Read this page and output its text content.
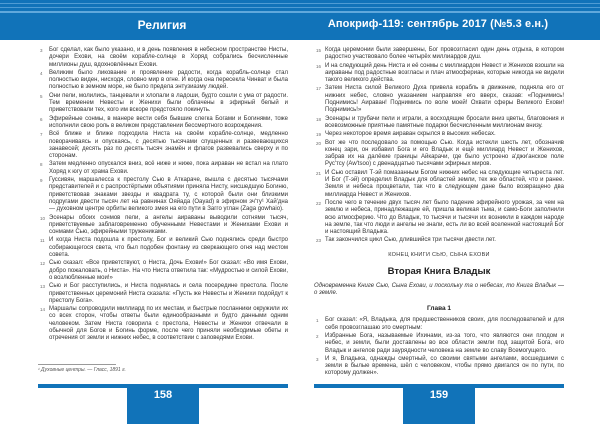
Религия	Апокриф-119: сентябрь 2017 (№5.3 е.н.)
3	Бог сделал, как было указано, и в день появления в небесном пространстве Нисты, дочери Ехови, на своём корабле-солнце в Хоряд собрались бесчисленные миллионы душ, вдохновлённых Ехови.
4	Великим было ликование и проявление радости, когда корабль-солнце стал полностью виден, нисходя, словно мир в огне. И когда она пересекла Чинват и была полностью в земном море, не было предела энтузиазму людей.
5	Они пели, молились, танцевали и хлопали в ладоши, будто сошли с ума от радости. Тем временем Невесты и Женихи были облачены в эфирный белый и приветствовали тех, кого им вскоре предстояло покинуть.
6	Эфирейные сонмы, в манере вести себя бывшие слегка Богами и Богинями, тоже исполнили свою роль в великом представлении бессмертного возрождения.
7	Всё ближе и ближе подходила Ниста на своём корабле-солнце, медленно поворачиваясь и опускаясь, с десятью тысячами спущенных и развевающихся занавесей; десять раз по десять тысяч знамён и флагов развевались сверху и по сторонам.
8	Затем медленно опускался вниз, всё ниже и ниже, пока аираван не встал на плато Хоряд к югу от храма Ехови.
9	Гуссивян, маршалесса к престолу Сью в Аткараче, вышла с десятью тысячами представителей и с распростёртыми объятиями приняла Нисту, нисшедшую Богиню, приветствовав знаками звезды и квадрата ту, с которой были они близкими подругами двести тысяч лет на равнинах Ояйада (Oayad) в эфирном зч'ту¹ Хай'дна — духовном центре орбиты великого змея на его пути в Загго углан (Zaga gowhaio).
10 Эсенары обоих сонмов пели, а ангелы аираваны выводили сотнями тысяч, приветствуемые заблаговременно обученными Невестами и Женихами Ехови и сонмами Сью, эфирейными тружениками.
11 И когда Ниста подошла к престолу, Бог и великий Сью поднялись среди быстро собирающегося света, что был подобен фонтану из сверкающего огня над местом совета.
12 Сью сказал: «Все приветствуют, о Ниста, Дочь Ехови!» Бог сказал: «Во имя Ехови, добро пожаловать, о Ниста». На что Ниста ответила так: «Мудростью и силой Ехови, о возлюбленные мои!»
13 Сью и Бог расступились, и Ниста поднялась и села посередине престола. После приветственных церемоний Ниста сказала: «Пусть же Невесты и Женихи подойдут к престолу Бога».
14 Маршалы сопроводили миллиард по их местам, и быстрые посланники окружили их со всех сторон, чтобы ответы были единообразными и будто данными одним человеком. Затем Ниста говорила с престола, Невесты и Женихи отвечали в обычной для Богов и Богинь форме, после чего приняли необходимые обеты и отречения от земли и нижних небес, в соответствии с заповедями Ехови.
¹ Духовные центры. — Гласс, 1891 г.
15 Когда церемонии были завершены, Бог провозгласил один день отдыха, в котором радостно участвовало более четырёх миллиардов душ.
16 И на следующий день Ниста и её сонмы с миллиардом Невест и Женихов взошли на аираваны под радостные возгласы и плач атмосфериан, которые никогда не видели такого великого действа.
17 Затем Ниста силой Великого Духа привела корабль в движение, подняла его от нижних небес, словно указанием направляя его вверх, сказав: «Поднимись! Поднимись! Аираван! Поднимись по воле моей! Охвати сферы Великого Ехови! Поднимись!»
18 Эсенары и трубачи пели и играли, а восходящие бросали вниз цветы, благовония и всевозможные приятные памятные подарки бесчисленным миллионам внизу.
19 Через некоторое время аираван скрылся в высоких небесах.
20 Вот же что последовало за помощью Сью. Когда истекли шесть лет, обозначив конец зари, он избавил Бога и его Владык и ещё миллиард Невест и Женихов, забрав их на далёкие границы Айкарачи, где было устроено а'джи'анское поле Рус'тсу (Aw'tsoo) с двенадцатью тысячами эфирных миров.
21 И Сью оставил Т-эй помазанным Богом нижних небес на следующие четыреста лет. И Бог (Т-эй) определил Владык для областей земли, тех же областей, что и ранее. Земля и небеса процветали, так что в следующем дане было возвращено два миллиарда Невест и Женихов.
22 После чего в течение двух тысяч лет было падение эфирейного урожая, за чем на землю и небеса, принадлежащие ей, пришла великая тьма, и само-Боги заполнили всю атмосферию. Что до Владык, то тысячи и тысячи их возникли в каждом народе на земле, так что люди и ангелы не знали, есть ли во всей вселенной настоящий Бог и настоящий Владыка.
23 Так закончился цикл Сью, длившийся три тысячи двести лет.
КОНЕЦ КНИГИ СЬЮ, СЫНА ЕХОВИ
Вторая Книга Владык
Одновременна Книге Сью, Сына Ехови, и поскольку та о небесах, то Книга Владык — о земле.
Глава 1
1	Бог сказал: «Я, Владыка, для предшественников своих, для последователей и для себя провозглашаю это смертным:
2	Избранные Бога, называемые Ихинами, из-за того, что являются они плодом и небес, и земли, были доставлены во все области земли под защитой Бога, его Владык и ангелов ради заурядности человека на земле во славу Всемогущего.
3	И я, Владыка, однажды смертный, со своими святыми ангелами, восшедшими с земли в былые времена, шёл с человеком, чтобы прямо двигался он по пути, по которому должен».
158	159
